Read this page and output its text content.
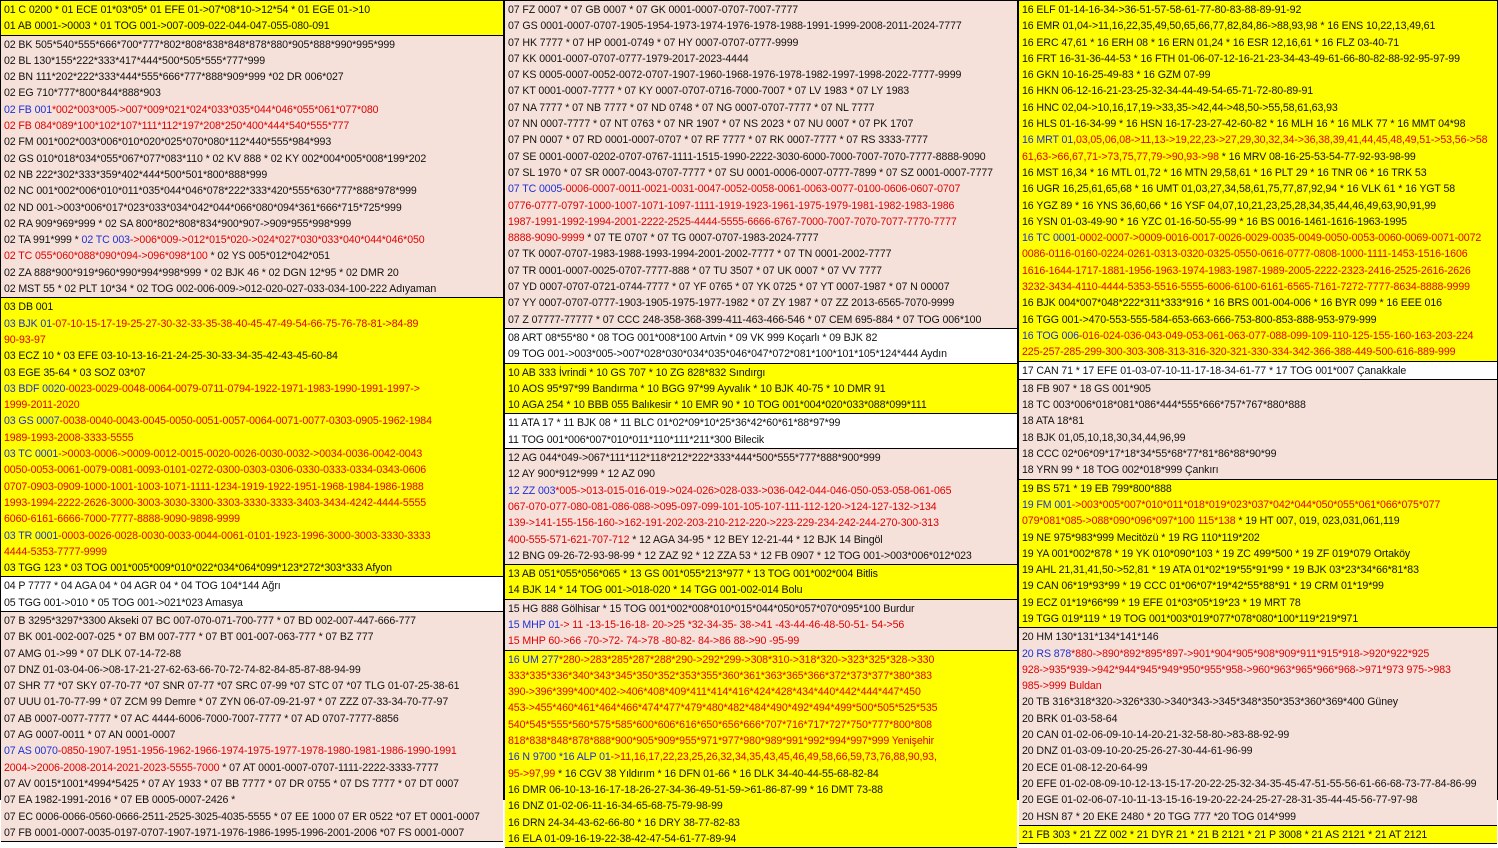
01 C 0200 * 01 ECE 01*03*05* 01 EFE 01->07*08*10->12*54 * 01 EGE 01->10
01 AB 0001->0003 * 01 TOG 001->007-009-022-044-047-055-080-091
02 BK 505*540*555*666*700*777*802*808*838*848*878*880*905*888*990*995*999
02 BL 130*155*222*333*417*444*500*505*555*777*999
02 BN 111*202*222*333*444*555*666*777*888*909*999 *02 DR 006*027
02 EG 710*777*800*844*888*903
02 FB 001*002*003*005->007*009*021*024*033*035*044*046*055*061*077*080
02 FB 084*089*100*102*107*111*112*197*208*250*400*444*540*555*777
02 FM 001*002*003*006*010*020*025*070*080*112*440*555*984*993
02 GS 010*018*034*055*067*077*083*110 * 02 KV 888 * 02 KY 002*004*005*008*199*202
02 NB 222*302*333*359*402*444*500*501*800*888*999
02 NC 001*002*006*010*011*035*044*046*078*222*333*420*555*630*777*888*978*999
02 ND 001->003*006*017*023*033*034*042*044*066*080*094*361*666*715*725*999
02 RA 909*969*999 * 02 SA 800*802*808*834*900*907->909*955*998*999
02 TA 991*999 * 02 TC 003->006*009->012*015*020->024*027*030*033*040*044*046*050
02 TC 055*060*088*090*094->096*098*100 * 02 YS 005*012*042*051
02 ZA 888*900*919*960*990*994*998*999 * 02 BJK 46 * 02 DGN 12*95 * 02 DMR 20
02 MST 55 * 02 PLT 10*34 * 02 TOG 002-006-009->012-020-027-033-034-100-222 Adıyaman
03 DB 001
03 BJK 01-07-10-15-17-19-25-27-30-32-33-35-38-40-45-47-49-54-66-75-76-78-81->84-89
90-93-97
03 ECZ 10 * 03 EFE 03-10-13-16-21-24-25-30-33-34-35-42-43-45-60-84
03 EGE 35-64 * 03 SOZ 03*07
03 BDF 0020-0023-0029-0048-0064-0079-0711-0794-1922-1971-1983-1990-1991-1997->
1999-2011-2020
03 GS 0007-0038-0040-0043-0045-0050-0051-0057-0064-0071-0077-0303-0905-1962-1984
1989-1993-2008-3333-5555
03 TC 0001->0003-0006->0009-0012-0015-0020-0026-0030-0032->0034-0036-0042-0043
0050-0053-0061-0079-0081-0093-0101-0272-0300-0303-0306-0330-0333-0334-0343-0606
0707-0903-0909-1000-1001-1003-1071-1111-1234-1919-1922-1951-1968-1984-1986-1988
1993-1994-2222-2626-3000-3003-3030-3300-3303-3330-3333-3403-3434-4242-4444-5555
6060-6161-6666-7000-7777-8888-9090-9898-9999
03 TR 0001-0003-0026-0028-0030-0033-0044-0061-0101-1923-1996-3000-3003-3330-3333
4444-5353-7777-9999
03 TGG 123 * 03 TOG 001*005*009*010*022*034*064*099*123*272*303*333 Afyon
04 P 7777 * 04 AGA 04 * 04 AGR 04 * 04 TOG 104*144 Ağrı
05 TGG 001->010 * 05 TOG 001->021*023 Amasya
07 B 3295*3297*3300 Akseki 07 BC 007-070-071-700-777 * 07 BD 002-007-447-666-777
07 BK 001-002-007-025 * 07 BM 007-777 * 07 BT 001-007-063-777 * 07 BZ 777
07 AMG 01->99 * 07 DLK 07-14-72-88
07 DNZ 01-03-04-06->08-17-21-27-62-63-66-70-72-74-82-84-85-87-88-94-99
07 SHR 77 *07 SKY 07-70-77 *07 SNR 07-77 *07 SRC 07-99 *07 STC 07 *07 TLG 01-07-25-38-61
07 UUU 01-70-77-99 * 07 ZCM 99 Demre * 07 ZYN 06-07-09-21-97 * 07 ZZZ 07-33-34-70-77-97
07 AB 0007-0077-7777 * 07 AC 4444-6006-7000-7007-7777 * 07 AD 0707-7777-8856
07 AG 0007-0011 * 07 AN 0001-0007
07 AS 0070-0850-1907-1951-1956-1962-1966-1974-1975-1977-1978-1980-1981-1986-1990-1991
2004->2006-2008-2014-2021-2023-5555-7000 * 07 AT 0001-0007-0707-1111-2222-3333-7777
07 AV 0015*1001*4994*5425 * 07 AY 1933 * 07 BB 7777 * 07 DR 0755 * 07 DS 7777 * 07 DT 0007
07 EA 1982-1991-2016 * 07 EB 0005-0007-2426 *
07 EC 0006-0066-0560-0666-2511-2525-3025-4035-5555 * 07 EE 1000 07 ER 0522 *07 ET 0001-0007
07 FB 0001-0007-0035-0197-0707-1907-1971-1976-1986-1995-1996-2001-2006 *07 FS 0001-0007
07 FZ 0007 * 07 GB 0007 * 07 GK 0001-0007-0707-7007-7777
07 GS 0001-0007-0707-1905-1954-1973-1974-1976-1978-1988-1991-1999-2008-2011-2024-7777
07 HK 7777 * 07 HP 0001-0749 * 07 HY 0007-0707-0777-9999
07 KK 0001-0007-0707-0777-1979-2017-2023-4444
07 KS 0005-0007-0052-0072-0707-1907-1960-1968-1976-1978-1982-1997-1998-2022-7777-9999
07 KT 0001-0007-7777 * 07 KY 0007-0707-0716-7000-7007 * 07 LV 1983 * 07 LY 1983
07 NA 7777 * 07 NB 7777 * 07 ND 0748 * 07 NG 0007-0707-7777 * 07 NL 7777
07 NN 0007-7777 * 07 NT 0763 * 07 NR 1907 * 07 NS 2023 * 07 NU 0007 * 07 PK 1707
07 PN 0007 * 07 RD 0001-0007-0707 * 07 RF 7777 * 07 RK 0007-7777 * 07 RS 3333-7777
07 SE 0001-0007-0202-0707-0767-1111-1515-1990-2222-3030-6000-7000-7007-7070-7777-8888-9090
07 SL 1970 * 07 SR 0007-0043-0707-7777 * 07 SU 0001-0006-0007-0777-7899 * 07 SZ 0001-0007-7777
07 TC 0005-0006-0007-0011-0021-0031-0047-0052-0058-0061-0063-0077-0100-0606-0607-0707
0776-0777-0797-1000-1007-1071-1097-1111-1919-1923-1961-1975-1979-1981-1982-1983-1986
1987-1991-1992-1994-2001-2222-2525-4444-5555-6666-6767-7000-7007-7070-7077-7770-7777
8888-9090-9999 * 07 TE 0707 * 07 TG 0007-0707-1983-2024-7777
07 TK 0007-0707-1983-1988-1993-1994-2001-2002-7777 * 07 TN 0001-2002-7777
07 TR 0001-0007-0025-0707-7777-888 * 07 TU 3507 * 07 UK 0007 * 07 VV 7777
07 YD 0007-0707-0721-0744-7777 * 07 YF 0765 * 07 YK 0725 * 07 YT 0007-1987 * 07 N 00007
07 YY 0007-0707-0777-1903-1905-1975-1977-1982 * 07 ZY 1987 * 07 ZZ 2013-6565-7070-9999
07 Z 07777-77777 * 07 CCC 248-358-368-399-411-463-466-546 * 07 CEM 695-884 * 07 TOG 006*100
08 ART 08*55*80 * 08 TOG 001*008*100 Artvin * 09 VK 999 Koçarlı * 09 BJK 82
09 TOG 001->003*005->007*028*030*034*035*046*047*072*081*100*101*105*124*444 Aydın
10 AB 333 İvrindi * 10 GS 707 * 10 ZG 828*832 Sındırgı
10 AOS 95*97*99 Bandırma * 10 BGG 97*99 Ayvalık * 10 BJK 40-75 * 10 DMR 91
10 AGA 254 * 10 BBB 055 Balıkesir * 10 EMR 90 * 10 TOG 001*004*020*033*088*099*111
11 ATA 17 * 11 BJK 08 * 11 BLC 01*02*09*10*25*36*42*60*61*88*97*99
11 TOG 001*006*007*010*011*110*111*211*300 Bilecik
12 AG 044*049->067*111*112*118*212*222*333*444*500*555*777*888*900*999
12 AY 900*912*999 * 12 AZ 090
12 ZZ 003*005->013-015-016-019->024-026>028-033->036-042-044-046-050-053-058-061-065
067-070-077-080-081-086-088->095-097-099-101-105-107-111-112-120->124-127-132->134
139->141-155-156-160->162-191-202-203-210-212-220->223-229-234-242-244-270-300-313
400-555-571-621-707-712 * 12 AGA 34-95 * 12 BEY 12-21-44 * 12 BJK 14 Bingöl
12 BNG 09-26-72-93-98-99 * 12 ZAZ 92 * 12 ZZA 53 * 12 FB 0907 * 12 TOG 001->003*006*012*023
13 AB 051*055*056*065 * 13 GS 001*055*213*977 * 13 TOG 001*002*004 Bitlis
14 BJK 14 * 14 TOG 001->018-020 * 14 TGG 001-002-014 Bolu
15 HG 888 Gölhisar * 15 TOG 001*002*008*010*015*044*050*057*070*095*100 Burdur
15 MHP 01-> 11 -13-15-16-18- 20->25 *32-34-35- 38->41 -43-44-46-48-50-51- 54->56
15 MHP 60->66 -70->72- 74->78 -80-82- 84->86 88->90 -95-99
16 UM 277*280->283*285*287*288*290->292*299->308*310->318*320->323*325*328->330
333*335*336*340*343*345*350*352*353*355*360*361*363*365*366*372*373*377*380*383
390->396*399*400*402->406*408*409*411*414*416*424*428*434*440*442*444*447*450
453->455*460*461*464*466*474*477*479*480*482*484*490*492*494*499*500*505*525*535
540*545*555*560*575*585*600*606*616*650*656*666*707*716*717*727*750*777*800*808
818*838*848*878*888*900*905*909*955*971*977*980*989*991*992*994*997*999 Yenişehir
16 N 9700 *16 ALP 01->11,16,17,22,23,25,26,32,34,35,43,45,46,49,58,66,59,73,76,88,90,93,
95->97,99 * 16 CGV 38 Yıldırım * 16 DFN 01-66 * 16 DLK 34-40-44-55-68-82-84
16 DMR 06-10-13-16-17-18-26-27-34-36-49-51-59->61-86-87-99 * 16 DMT 73-88
16 DNZ 01-02-06-11-16-34-65-68-75-79-98-99
16 DRN 24-34-43-62-66-80 * 16 DRY 38-77-82-83
16 ELA 01-09-16-19-22-38-42-47-54-61-77-89-94
16 ELF 01-14-16-34->36-51-57-58-61-77-80-83-88-89-91-92
16 EMR 01,04->11,16,22,35,49,50,65,66,77,82,84,86->88,93,98 * 16 ENS 10,22,13,49,61
16 ERC 47,61 * 16 ERH 08 * 16 ERN 01,24 * 16 ESR 12,16,61 * 16 FLZ 03-40-71
16 FRT 16-31-36-44-53 * 16 FTH 01-06-07-12-16-21-23-34-43-49-61-66-80-82-88-92-95-97-99
16 GKN 10-16-25-49-83 * 16 GZM 07-99
16 HKN 06-12-16-21-23-25-32-34-44-49-54-65-71-72-80-89-91
16 HNC 02,04->10,16,17,19->33,35->42,44->48,50->55,58,61,63,93
16 HLS 01-16-34-99 * 16 HSN 16-17-23-27-42-60-82 * 16 MLH 16 * 16 MLK 77 * 16 MMT 04*98
16 MRT 01,03,05,06,08->11,13->19,22,23->27,29,30,32,34->36,38,39,41,44,45,48,49,51->53,56->58
61,63->66,67,71->73,75,77,79->90,93->98 * 16 MRV 08-16-25-53-54-77-92-93-98-99
16 MST 16,34 * 16 MTL 01,72 * 16 MTN 29,58,61 * 16 PLT 29 * 16 TNR 06 * 16 TRK 53
16 UGR 16,25,61,65,68 * 16 UMT 01,03,27,34,58,61,75,77,87,92,94 * 16 VLK 61 * 16 YGT 58
16 YGZ 89 * 16 YNS 36,60,66 * 16 YSF 04,07,10,21,23,25,28,34,35,44,46,49,63,90,91,99
16 YSN 01-03-49-90 * 16 YZC 01-16-50-55-99 * 16 BS 0016-1461-1616-1963-1995
16 TC 0001-0002-0007->0009-0016-0017-0026-0029-0035-0049-0050-0053-0060-0069-0071-0072
0086-0116-0160-0224-0261-0313-0320-0325-0550-0616-0777-0808-1000-1111-1453-1516-1606
1616-1644-1717-1881-1956-1963-1974-1983-1987-1989-2005-2222-2323-2416-2525-2616-2626
3232-3434-4110-4444-5353-5516-5555-6006-6100-6161-6565-7161-7272-7777-8634-8888-9999
16 BJK 004*007*048*222*311*333*916 * 16 BRS 001-004-006 * 16 BYR 099 * 16 EEE 016
16 TGG 001->470-553-555-584-653-663-666-753-800-853-888-953-979-999
16 TOG 006-016-024-036-043-049-053-061-063-077-088-099-109-110-125-155-160-163-203-224
225-257-285-299-300-303-308-313-316-320-321-330-334-342-366-388-449-500-616-889-999
17 CAN 71 * 17 EFE 01-03-07-10-11-17-18-34-61-77 * 17 TOG 001*007 Çanakkale
18 FB 907 * 18 GS 001*905
18 TC 003*006*018*081*086*444*555*666*757*767*880*888
18 ATA 18*81
18 BJK 01,05,10,18,30,34,44,96,99
18 CCC 02*06*09*17*18*34*55*68*77*81*86*88*90*99
18 YRN 99 * 18 TOG 002*018*999 Çankırı
19 BS 571 * 19 EB 799*800*888
19 FM 001->003*005*007*010*011*018*019*023*037*042*044*050*055*061*066*075*077
079*081*085->088*090*096*097*100 115*138 * 19 HT 007, 019, 023,031,061,119
19 NE 975*983*999 Mecitözü * 19 RG 110*119*202
19 YA 001*002*878 * 19 YK 010*090*103 * 19 ZC 499*500 * 19 ZF 019*079 Ortaköy
19 AHL 21,31,41,50->52,81 * 19 ATA 01*02*19*55*91*99 * 19 BJK 03*23*34*66*81*83
19 CAN 06*19*93*99 * 19 CCC 01*06*07*19*42*55*88*91 * 19 CRM 01*19*99
19 ECZ 01*19*66*99 * 19 EFE 01*03*05*19*23 * 19 MRT 78
19 TGG 019*119 * 19 TOG 001*003*019*077*078*080*100*119*219*971
20 HM 130*131*134*141*146
20 RS 878*880->890*892*895*897->901*904*905*908*909*911*915*918->920*922*925
928->935*939->942*944*945*949*950*955*958->960*963*965*966*968->971*973 975->983
985->999 Buldan
20 TB 316*318*320->326*330->340*343->345*348*350*353*360*369*400 Güney
20 BRK 01-03-58-64
20 CAN 01-02-06-09-10-14-20-21-32-58-80->83-88-92-99
20 DNZ 01-03-09-10-20-25-26-27-30-44-61-96-99
20 ECE 01-08-12-20-64-99
20 EFE 01-02-08-09-10-12-13-15-17-20-22-25-32-34-35-45-47-51-55-56-61-66-68-73-77-84-86-99
20 EGE 01-02-06-07-10-11-13-15-16-19-20-22-24-25-27-28-31-35-44-45-56-77-97-98
20 HSN 87 * 20 EKE 2480 * 20 TGG 777 *20 TOG 014*999
21 FB 303 * 21 ZZ 002 * 21 DYR 21 * 21 B 2121 * 21 P 3008 * 21 AS 2121 * 21 AT 2121
